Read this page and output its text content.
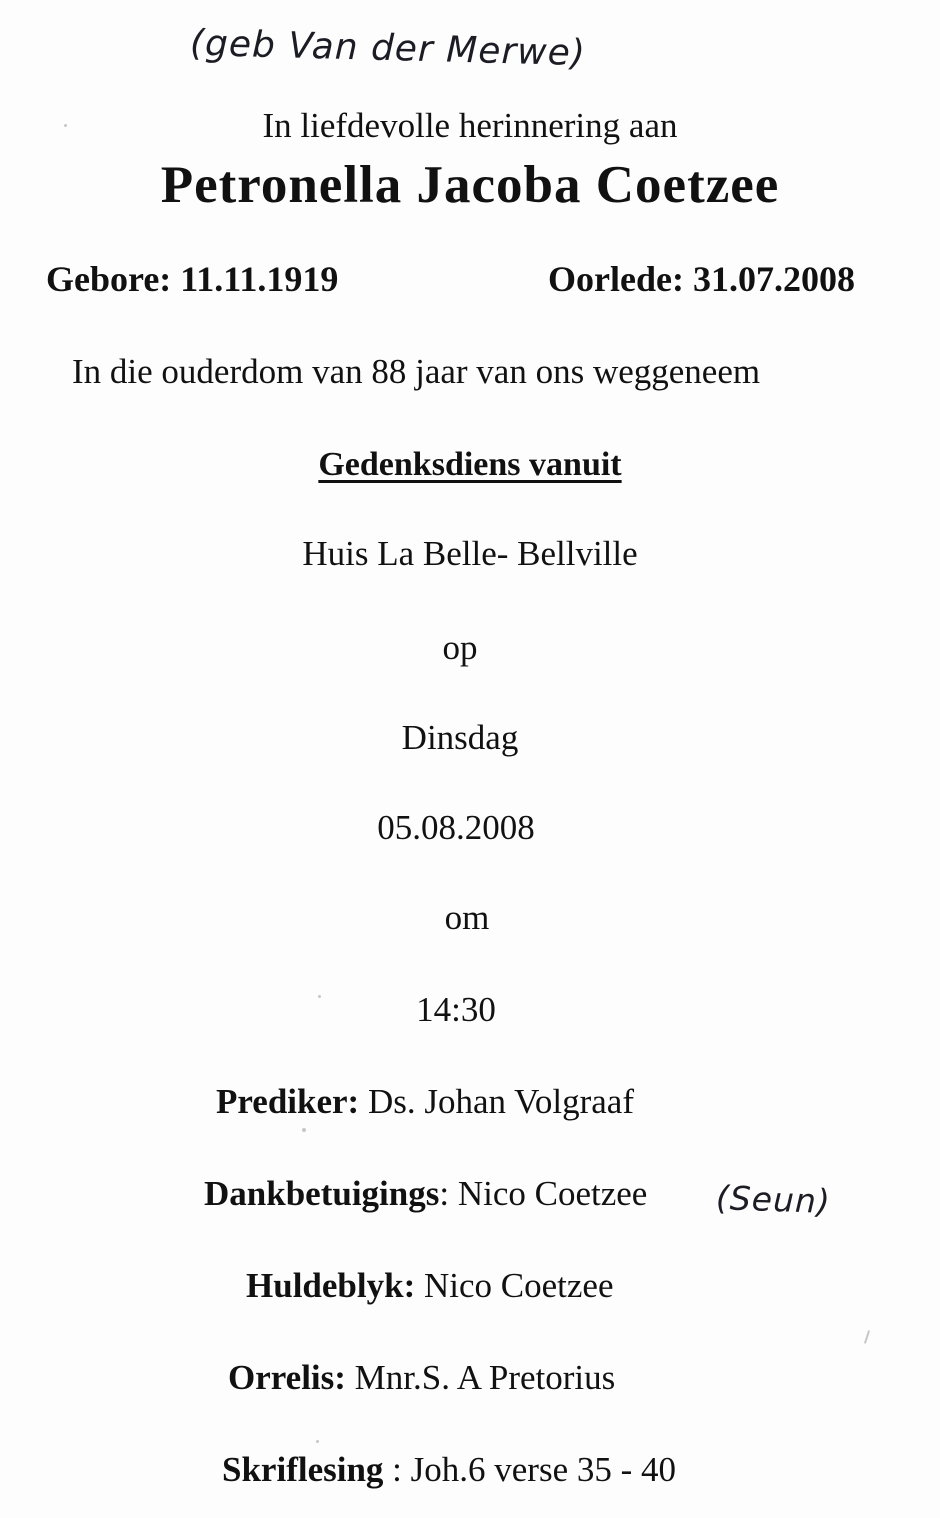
(geb Van der Merwe)
In liefdevolle herinnering aan
Petronella Jacoba Coetzee
Gebore: 11.11.1919	Oorlede: 31.07.2008
In die ouderdom van 88 jaar van ons weggeneem
Gedenksdiens vanuit
Huis La Belle- Bellville
op
Dinsdag
05.08.2008
om
14:30
Prediker: Ds. Johan Volgraaf
Dankbetuigings: Nico Coetzee (Seun)
Huldeblyk: Nico Coetzee
Orrelis: Mnr.S. A Pretorius
Skriflesing : Joh.6 verse 35 - 40
